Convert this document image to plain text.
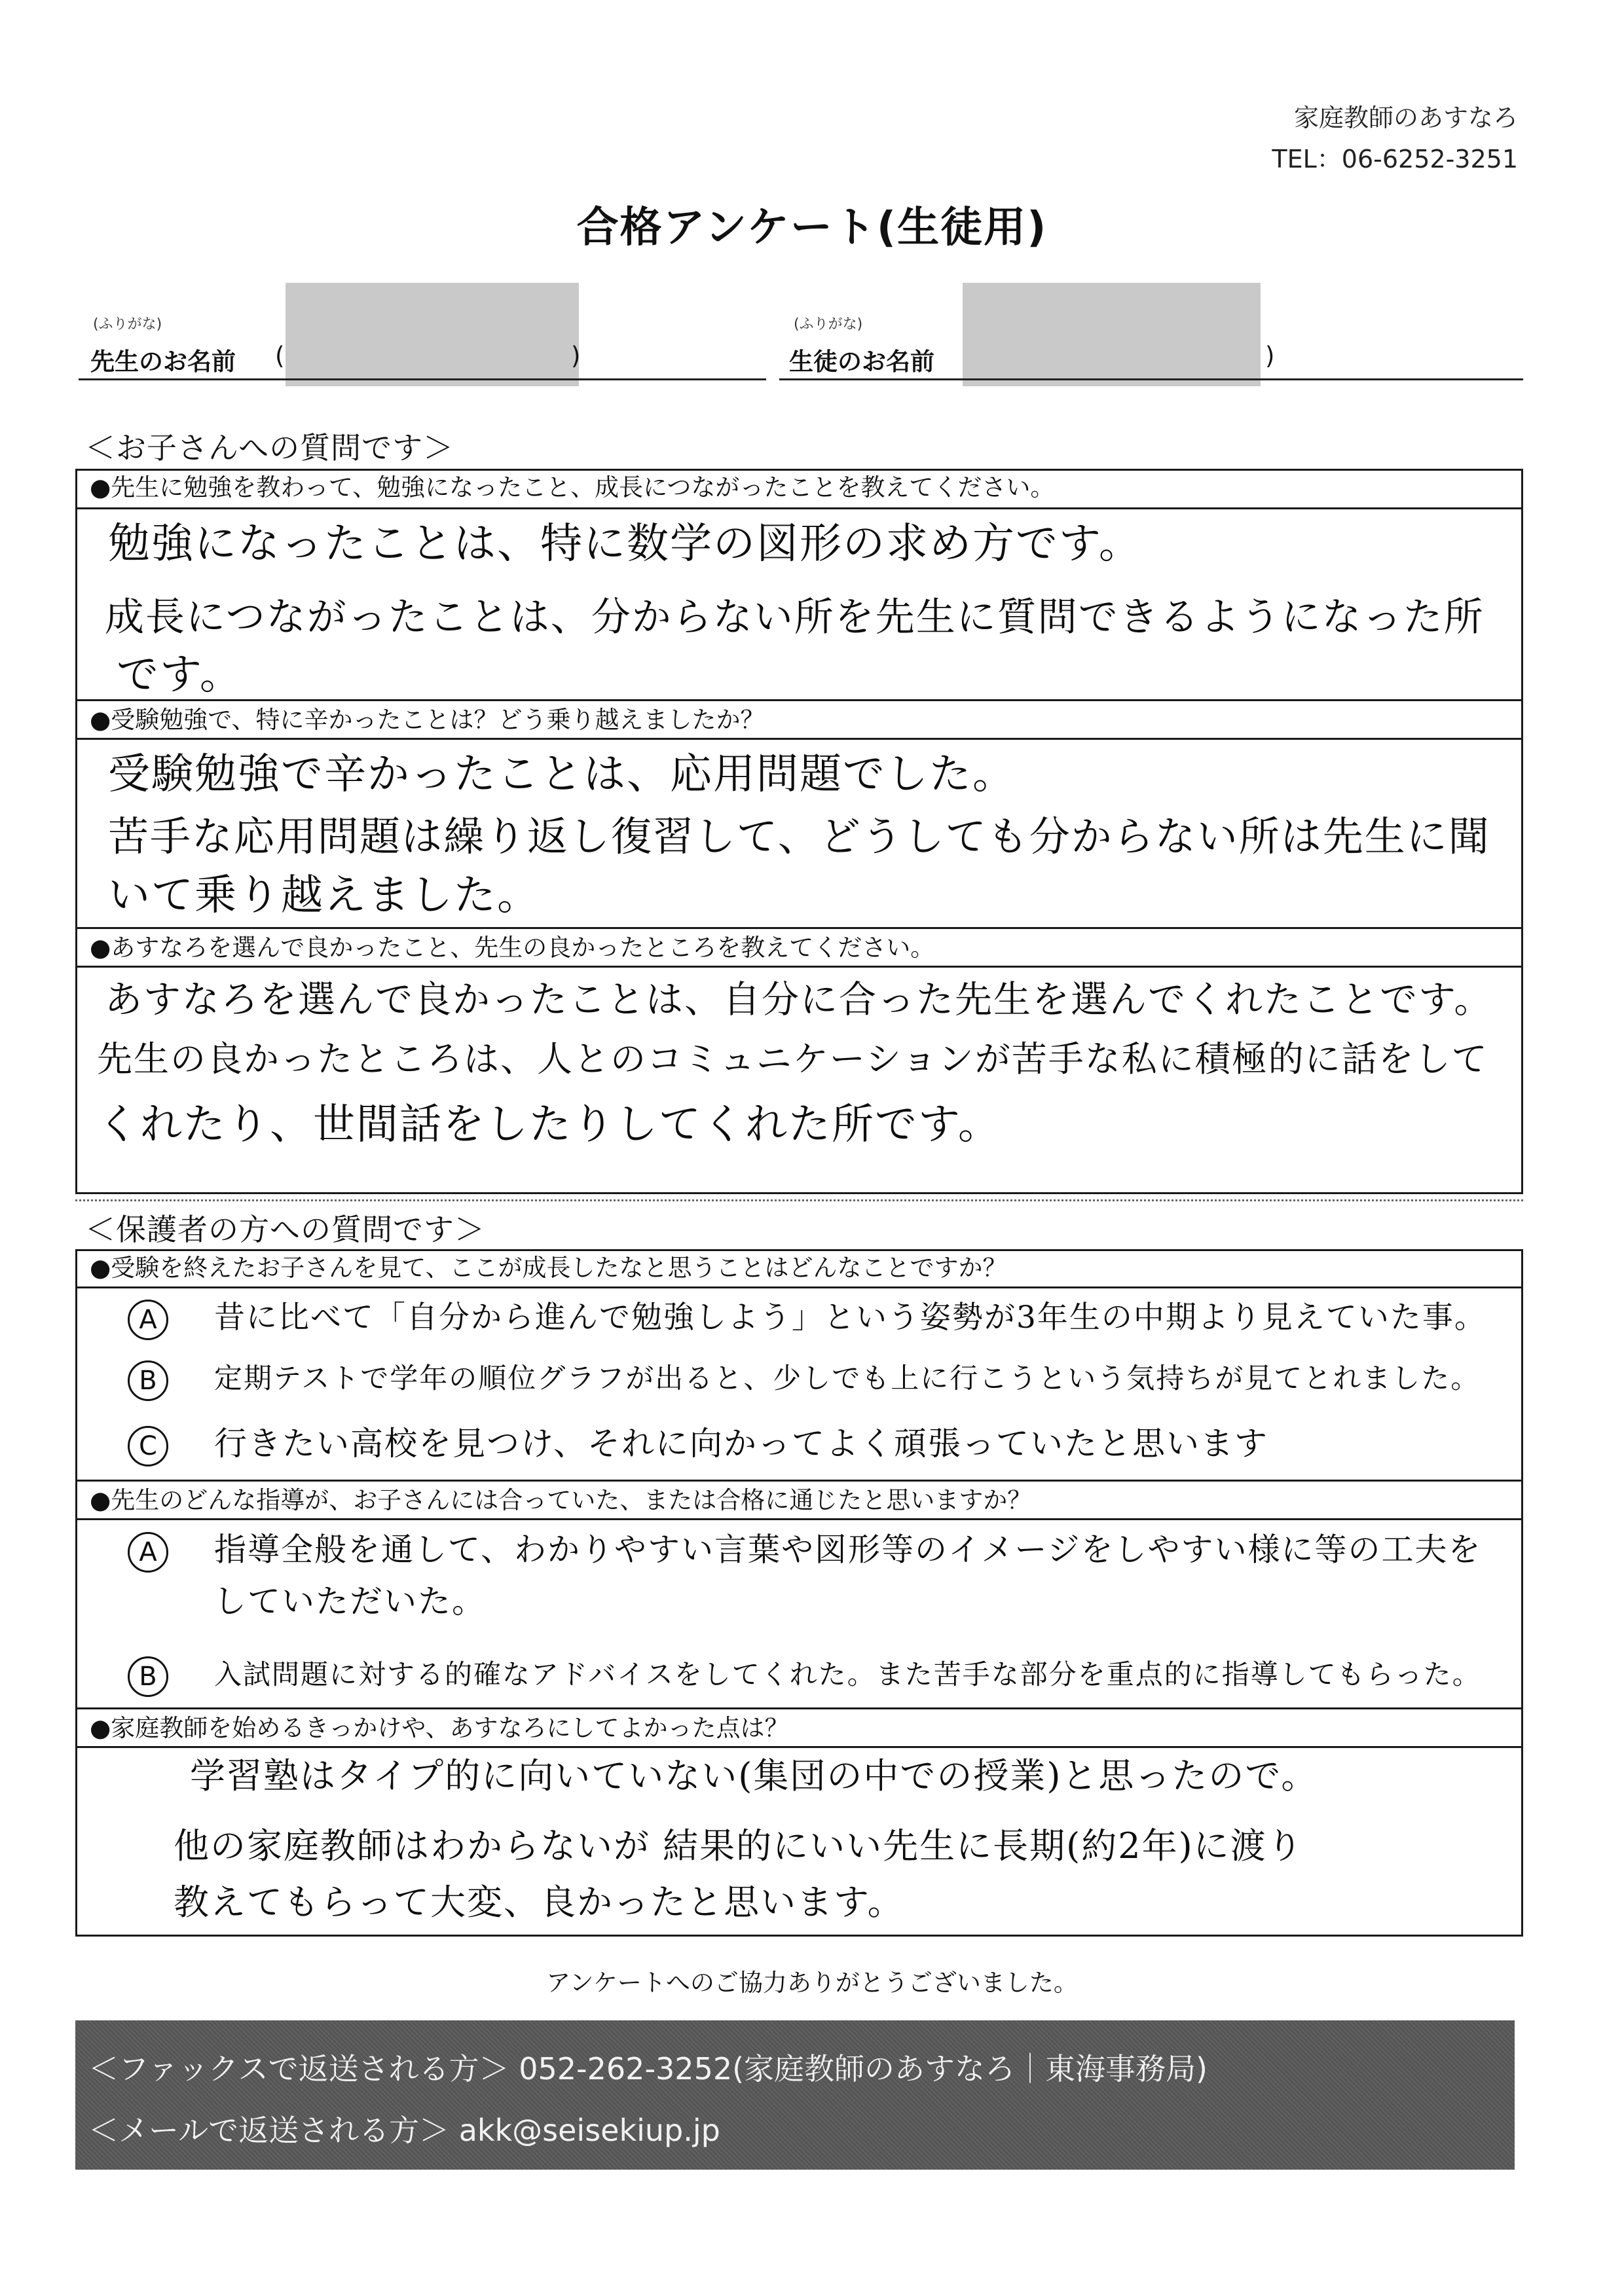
家庭教師のあすなろ
TEL：06-6252-3251
合格アンケート(生徒用)
(ふりがな)
先生のお名前 (	)
(ふりがな)
生徒のお名前	)
＜お子さんへの質問です＞
●先生に勉強を教わって、勉強になったこと、成長につながったことを教えてください。
勉強になったことは、特に数学の図形の求め方です。
成長につながったことは、分からない所を先生に質問できるようになった所
です。
●受験勉強で、特に辛かったことは？どう乗り越えましたか？
受験勉強で辛かったことは、応用問題でした。
苦手な応用問題は繰り返し復習して、どうしても分からない所は先生に聞
いて乗り越えました。
●あすなろを選んで良かったこと、先生の良かったところを教えてください。
あすなろを選んで良かったことは、自分に合った先生を選んでくれたことです。
先生の良かったところは、人とのコミュニケーションが苦手な私に積極的に話をして
くれたり、世間話をしたりしてくれた所です。
＜保護者の方への質問です＞
●受験を終えたお子さんを見て、ここが成長したなと思うことはどんなことですか？
A 昔に比べて「自分から進んで勉強しよう」という姿勢が3年生の中期より見えていた事。
B 定期テストで学年の順位グラフが出ると、少しでも上に行こうという気持ちが見てとれました。
C 行きたい高校を見つけ、それに向かってよく頑張っていたと思います
●先生のどんな指導が、お子さんには合っていた、または合格に通じたと思いますか？
A 指導全般を通して、わかりやすい言葉や図形等のイメージをしやすい様に等の工夫を
していただいた。
B 入試問題に対する的確なアドバイスをしてくれた。また苦手な部分を重点的に指導してもらった。
●家庭教師を始めるきっかけや、あすなろにしてよかった点は？
学習塾はタイプ的に向いていない(集団の中での授業)と思ったので。
他の家庭教師はわからないが 結果的にいい先生に長期(約2年)に渡り
教えてもらって大変、良かったと思います。
アンケートへのご協力ありがとうございました。
＜ファックスで返送される方＞ 052-262-3252(家庭教師のあすなろ｜東海事務局)
＜メールで返送される方＞ akk@seisekiup.jp
